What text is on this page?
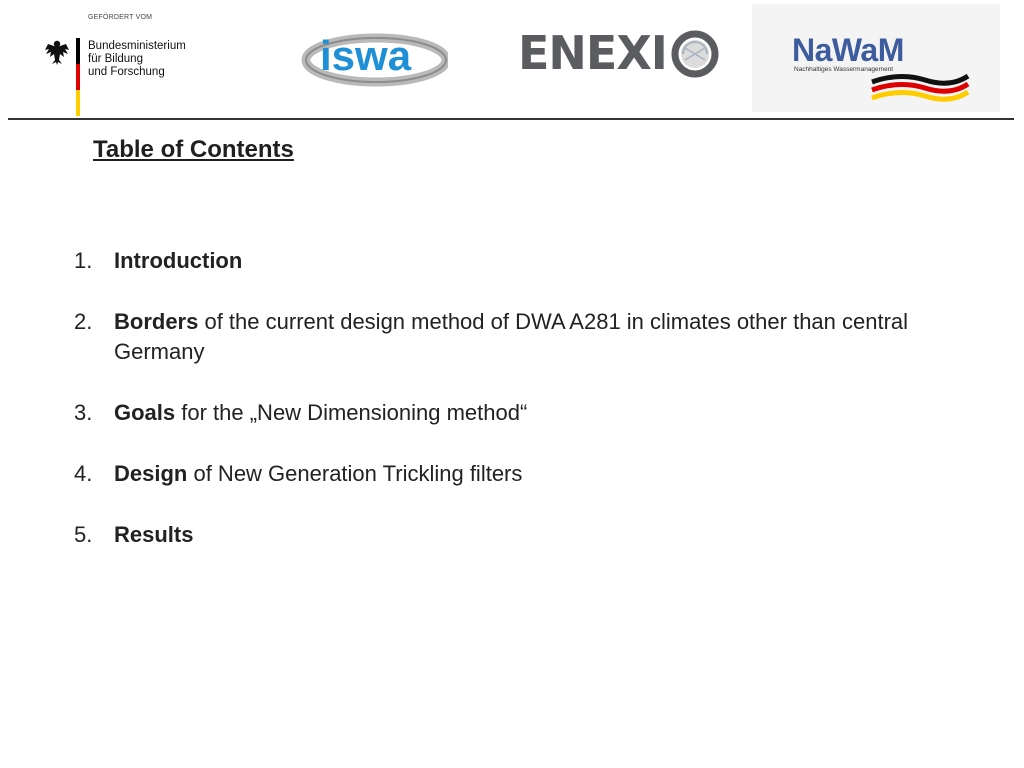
GEFÖRDERT VOM
Bundesministerium
für Bildung
und Forschung	iswa ENEXI	NaWaM
Nachhaltiges Wassermanagement
Table of Contents
1. Introduction
2. Borders of the current design method of DWA A281 in climates other than central Germany
3. Goals for the „New Dimensioning method“
4. Design of New Generation Trickling filters
5. Results
